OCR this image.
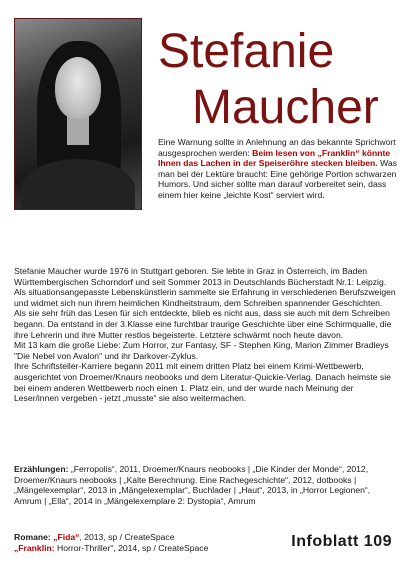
Stefanie
Maucher
Eine Warnung sollte in Anlehnung an das bekannte Sprichwort ausgesprochen werden: Beim lesen von „Franklin“ könnte Ihnen das Lachen in der Speiseröhre stecken bleiben. Was man bei der Lektüre braucht: Eine gehörige Portion schwarzen Humors. Und sicher sollte man darauf vorbereitet sein, dass einem hier keine „leichte Kost“ serviert wird.

Stefanie Maucher wurde 1976 in Stuttgart geboren. Sie lebte in Graz in Österreich, im Baden Württembergischen Schorndorf und seit Sommer 2013 in Deutschlands Bücherstadt Nr.1: Leipzig.

Als situationsangepasste Lebenskünstlerin sammelte sie Erfahrung in verschiedenen Berufszweigen und widmet sich nun ihrem heimlichen Kindheitstraum, dem Schreiben spannender Geschichten.

Als sie sehr früh das Lesen für sich entdeckte, blieb es nicht aus, dass sie auch mit dem Schreiben begann. Da entstand in der 3.Klasse eine furchtbar traurige Geschichte über eine Schirmqualle, die ihre Lehrerin und ihre Mutter restlos begeisterte. Letztere schwärmt noch heute davon.

Mit 13 kam die große Liebe: Zum Horror, zur Fantasy, SF - Stephen King, Marion Zimmer Bradleys "Die Nebel von Avalon" und ihr Darkover-Zyklus.

Ihre Schriftsteller-Karriere begann 2011 mit einem dritten Platz bei einem Krimi-Wettbewerb, ausgerichtet von Droemer/Knaurs neobooks und dem Literatur-Quickie-Verlag. Danach heimste sie bei einem anderen Wettbewerb noch einen 1. Platz ein, und der wurde nach Meinung der Leser/innen vergeben - jetzt „musste“ sie also weitermachen.

Erzählungen: „Ferropolis“, 2011, Droemer/Knaurs neobooks | „Die Kinder der Monde“, 2012, Droemer/Knaurs neobooks | „Kalte Berechnung. Eine Rachegeschichte“, 2012, dotbooks | „Mängelexemplar“, 2013 in „Mängelexemplar“, Buchlader | „Haut“, 2013, in „Horror Legionen“, Amrum | „Ella“, 2014 in „Mängelexemplare 2: Dystopia“, Amrum
Romane: „Fida“, 2013, sp / CreateSpace
„Franklin: Horror-Thriller“, 2014, sp / CreateSpace	Infoblatt 109
